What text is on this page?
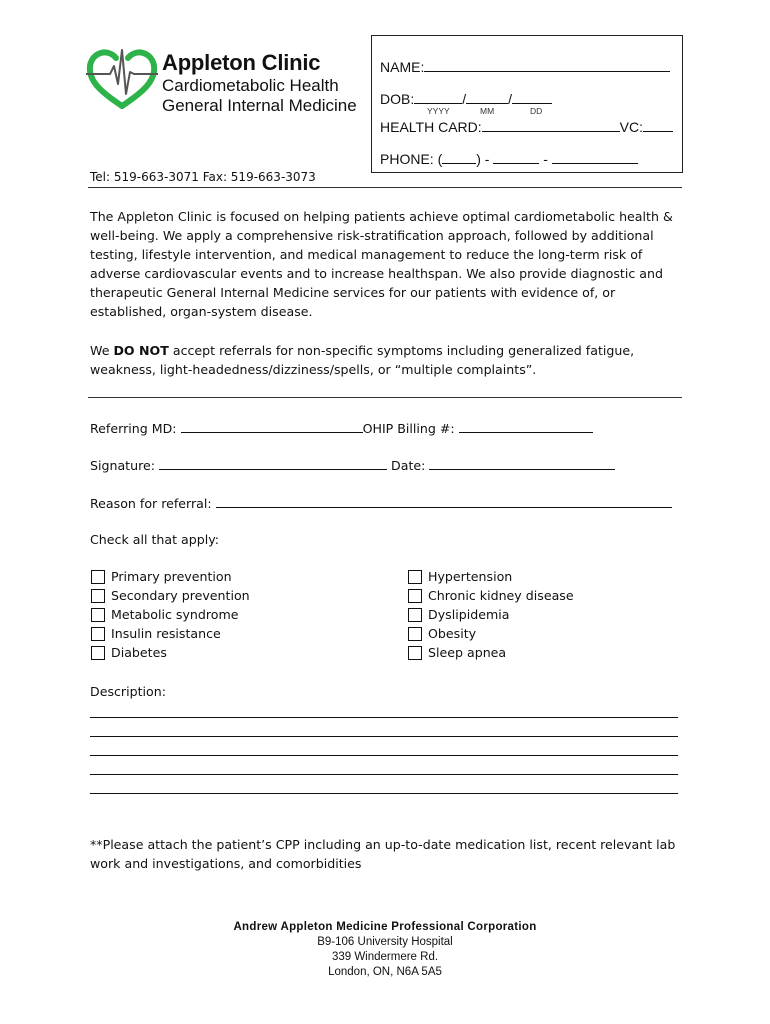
Appleton Clinic
Cardiometabolic Health
General Internal Medicine
NAME:
DOB:	/	/
YYYY	MM	DD
HEALTH CARD:	VC:
PHONE: ( ) -	-
Tel: 519-663-3071 Fax: 519-663-3073
The Appleton Clinic is focused on helping patients achieve optimal cardiometabolic health & well-being. We apply a comprehensive risk-stratification approach, followed by additional testing, lifestyle intervention, and medical management to reduce the long-term risk of adverse cardiovascular events and to increase healthspan. We also provide diagnostic and therapeutic General Internal Medicine services for our patients with evidence of, or established, organ-system disease.
We DO NOT accept referrals for non-specific symptoms including generalized fatigue, weakness, light-headedness/dizziness/spells, or “multiple complaints”.
Referring MD:	OHIP Billing #:
Signature:	Date:
Reason for referral:
Check all that apply:
Primary prevention
Secondary prevention
Metabolic syndrome
Insulin resistance
Diabetes
Hypertension
Chronic kidney disease
Dyslipidemia
Obesity
Sleep apnea
Description:
**Please attach the patient’s CPP including an up-to-date medication list, recent relevant lab work and investigations, and comorbidities
Andrew Appleton Medicine Professional Corporation
B9-106 University Hospital
339 Windermere Rd.
London, ON, N6A 5A5
